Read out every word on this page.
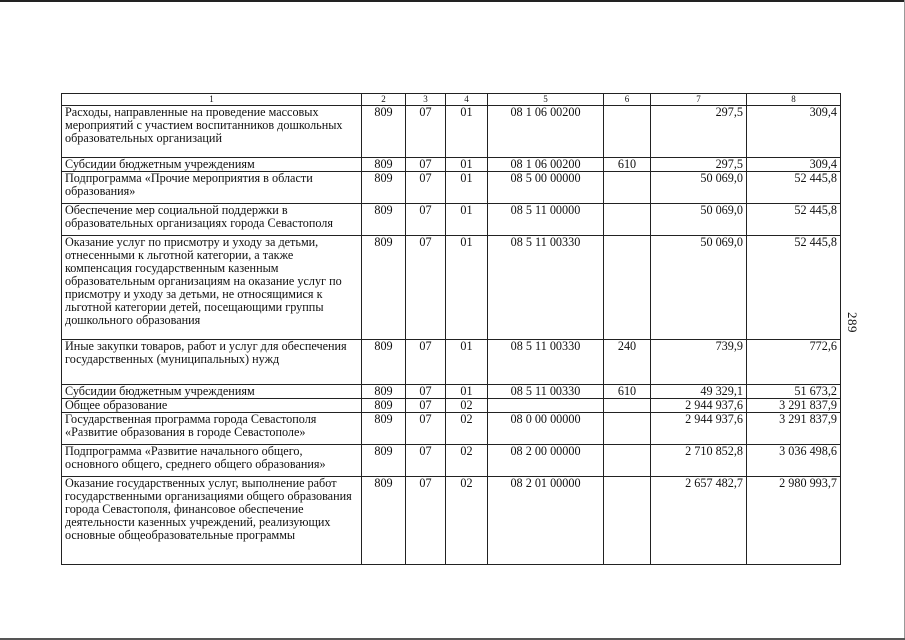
1	2	3	4	5	6	7	8
Расходы, направленные на проведение массовых мероприятий с участием воспитанников дошкольных образовательных организаций	809	07	01	08 1 06 00200		297,5	309,4
Субсидии бюджетным учреждениям	809	07	01	08 1 06 00200	610	297,5	309,4
Подпрограмма «Прочие мероприятия в области образования»	809	07	01	08 5 00 00000		50 069,0	52 445,8
Обеспечение мер социальной поддержки в образовательных организациях города Севастополя	809	07	01	08 5 11 00000		50 069,0	52 445,8
Оказание услуг по присмотру и уходу за детьми, отнесенными к льготной категории, а также компенсация государственным казенным образовательным организациям на оказание услуг по присмотру и уходу за детьми, не относящимися к льготной категории детей, посещающими группы дошкольного образования	809	07	01	08 5 11 00330		50 069,0	52 445,8
Иные закупки товаров, работ и услуг для обеспечения государственных (муниципальных) нужд	809	07	01	08 5 11 00330	240	739,9	772,6
Субсидии бюджетным учреждениям	809	07	01	08 5 11 00330	610	49 329,1	51 673,2
Общее образование	809	07	02			2 944 937,6	3 291 837,9
Государственная программа города Севастополя «Развитие образования в городе Севастополе»	809	07	02	08 0 00 00000		2 944 937,6	3 291 837,9
Подпрограмма «Развитие начального общего, основного общего, среднего общего образования»	809	07	02	08 2 00 00000		2 710 852,8	3 036 498,6
Оказание государственных услуг, выполнение работ государственными организациями общего образования города Севастополя, финансовое обеспечение деятельности казенных учреждений, реализующих основные общеобразовательные программы	809	07	02	08 2 01 00000		2 657 482,7	2 980 993,7
289
